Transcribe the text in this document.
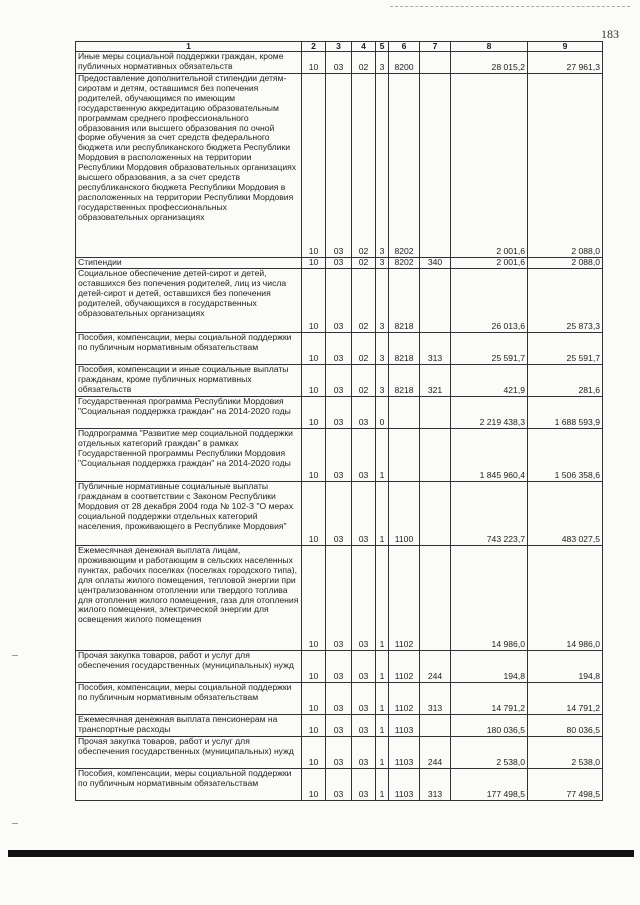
183
1	2	3	4	5	6	7	8	9
Иные меры социальной поддержки граждан, кроме публичных нормативных обязательств	10	03	02	3	8200		28 015,2	27 961,3
Предоставление дополнительной стипендии детям-сиротам и детям, оставшимся без попечения родителей, обучающимся по имеющим государственную аккредитацию образовательным программам среднего профессионального образования или высшего образования по очной форме обучения за счет средств федерального бюджета или республиканского бюджета Республики Мордовия в расположенных на территории Республики Мордовия образовательных организациях высшего образования, а за счет средств республиканского бюджета Республики Мордовия в расположенных на территории Республики Мордовия государственных профессиональных образовательных организациях	10	03	02	3	8202		2 001,6	2 088,0
Стипендии	10	03	02	3	8202	340	2 001,6	2 088,0
Социальное обеспечение детей-сирот и детей, оставшихся без попечения родителей, лиц из числа детей-сирот и детей, оставшихся без попечения родителей, обучающихся в государственных образовательных организациях	10	03	02	3	8218		26 013,6	25 873,3
Пособия, компенсации, меры социальной поддержки по публичным нормативным обязательствам	10	03	02	3	8218	313	25 591,7	25 591,7
Пособия, компенсации и иные социальные выплаты гражданам, кроме публичных нормативных обязательств	10	03	02	3	8218	321	421,9	281,6
Государственная программа Республики Мордовия "Социальная поддержка граждан" на 2014-2020 годы	10	03	03	0			2 219 438,3	1 688 593,9
Подпрограмма "Развитие мер социальной поддержки отдельных категорий граждан" в рамках Государственной программы Республики Мордовия "Социальная поддержка граждан" на 2014-2020 годы	10	03	03	1			1 845 960,4	1 506 358,6
Публичные нормативные социальные выплаты гражданам в соответствии с Законом Республики Мордовия от 28 декабря 2004 года № 102-З "О мерах социальной поддержки отдельных категорий населения, проживающего в Республике Мордовия"	10	03	03	1	1100		743 223,7	483 027,5
Ежемесячная денежная выплата лицам, проживающим и работающим в сельских населенных пунктах, рабочих поселках (поселках городского типа), для оплаты жилого помещения, тепловой энергии при централизованном отоплении или твердого топлива для отопления жилого помещения, газа для отопления жилого помещения, электрической энергии для освещения жилого помещения	10	03	03	1	1102		14 986,0	14 986,0
Прочая закупка товаров, работ и услуг для обеспечения государственных (муниципальных) нужд	10	03	03	1	1102	244	194,8	194,8
Пособия, компенсации, меры социальной поддержки по публичным нормативным обязательствам	10	03	03	1	1102	313	14 791,2	14 791,2
Ежемесячная денежная выплата пенсионерам на транспортные расходы	10	03	03	1	1103		180 036,5	80 036,5
Прочая закупка товаров, работ и услуг для обеспечения государственных (муниципальных) нужд	10	03	03	1	1103	244	2 538,0	2 538,0
Пособия, компенсации, меры социальной поддержки по публичным нормативным обязательствам	10	03	03	1	1103	313	177 498,5	77 498,5
